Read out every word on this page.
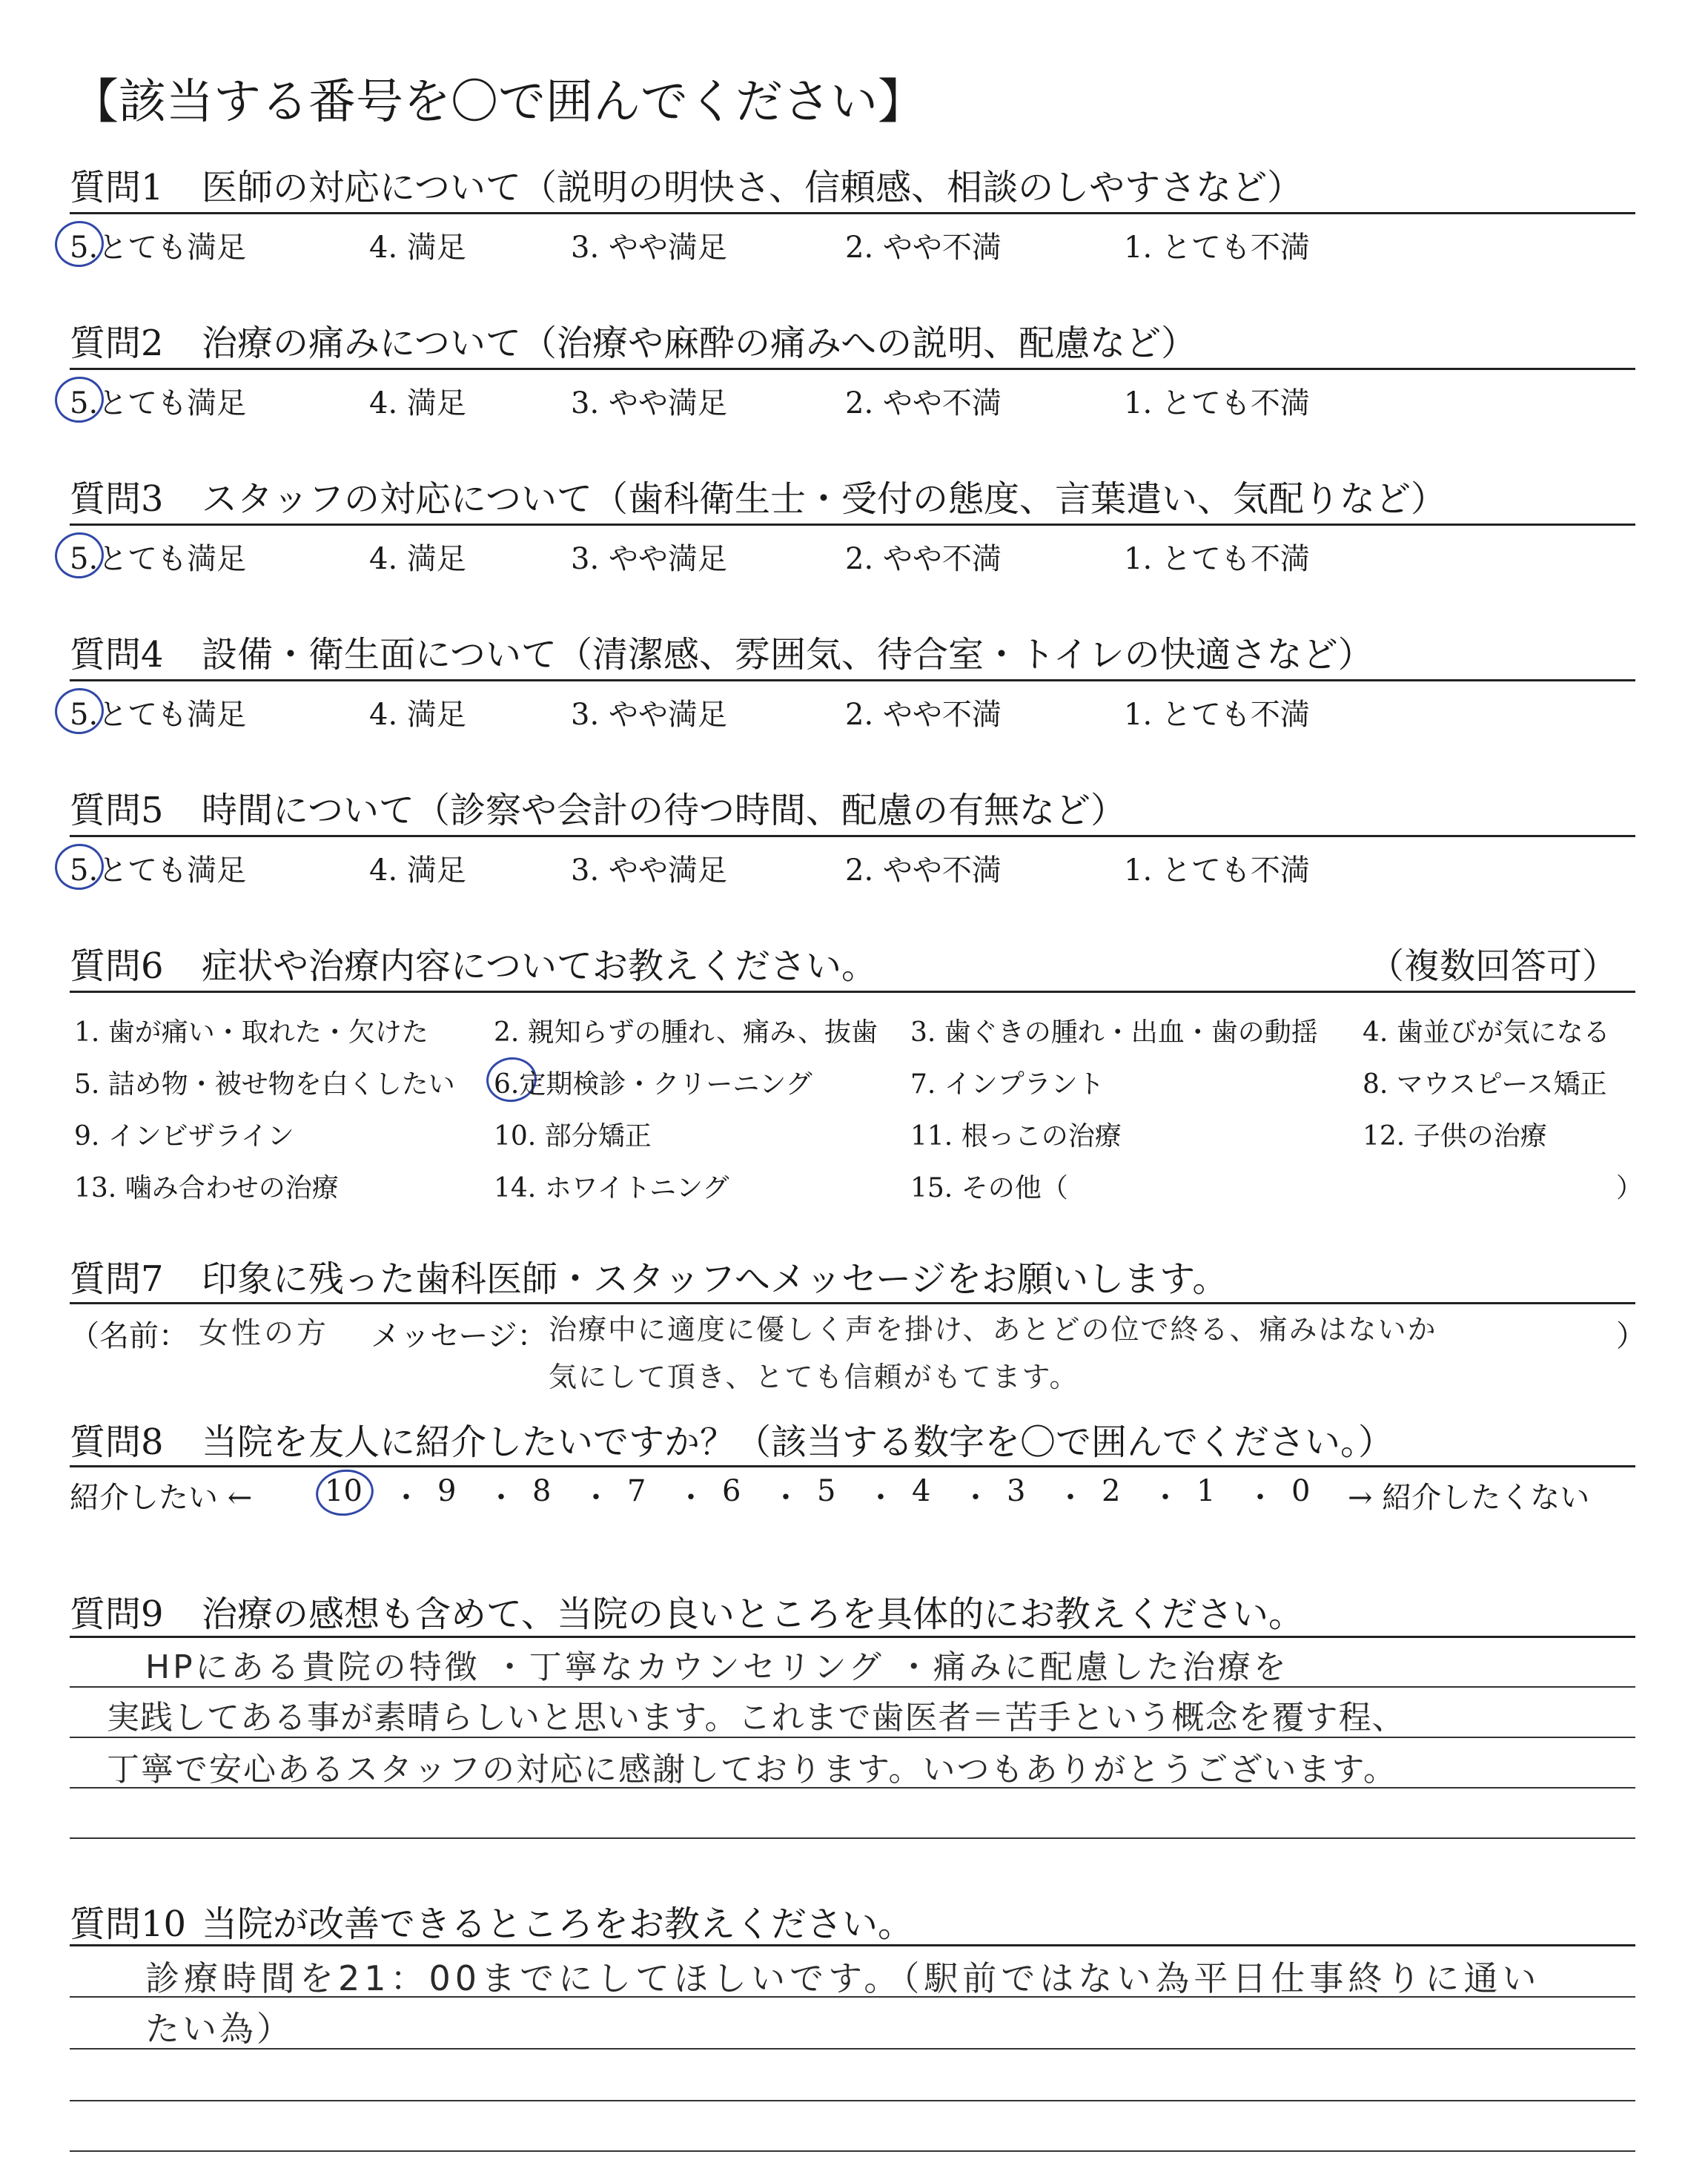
【該当する番号を〇で囲んでください】
質問1 医師の対応について（説明の明快さ、信頼感、相談のしやすさなど）
5.とても満足	4. 満足	3. やや満足	2. やや不満	1. とても不満
質問2 治療の痛みについて（治療や麻酔の痛みへの説明、配慮など）
5.とても満足	4. 満足	3. やや満足	2. やや不満	1. とても不満
質問3 スタッフの対応について（歯科衛生士・受付の態度、言葉遣い、気配りなど）
5.とても満足	4. 満足	3. やや満足	2. やや不満	1. とても不満
質問4 設備・衛生面について（清潔感、雰囲気、待合室・トイレの快適さなど）
5.とても満足	4. 満足	3. やや満足	2. やや不満	1. とても不満
質問5 時間について（診察や会計の待つ時間、配慮の有無など）
5.とても満足	4. 満足	3. やや満足	2. やや不満	1. とても不満
質問6 症状や治療内容についてお教えください。	（複数回答可）
1. 歯が痛い・取れた・欠けた 2. 親知らずの腫れ、痛み、抜歯 3. 歯ぐきの腫れ・出血・歯の動揺 4. 歯並びが気になる
5. 詰め物・被せ物を白くしたい 6.定期検診・クリーニング	7. インプラント	8. マウスピース矯正
9. インビザライン	10. 部分矯正	11. 根っこの治療	12. 子供の治療
13. 噛み合わせの治療	14. ホワイトニング	15. その他（	）
質問7 印象に残った歯科医師・スタッフへメッセージをお願いします。
（名前： 女性の方 メッセージ： 治療中に適度に優しく声を掛け、あとどの位で終る、痛みはないか
気にして頂き、とても信頼がもてます。
）
質問8 当院を友人に紹介したいですか？（該当する数字を〇で囲んでください。）
紹介したい ← 10 ・ 9 ・ 8 ・ 7 ・ 6 ・ 5 ・ 4 ・ 3 ・ 2 ・ 1 ・ 0 → 紹介したくない
質問9 治療の感想も含めて、当院の良いところを具体的にお教えください。
HPにある貴院の特徴 ・丁寧なカウンセリング ・痛みに配慮した治療を
実践してある事が素晴らしいと思います。これまで歯医者＝苦手という概念を覆す程、
丁寧で安心あるスタッフの対応に感謝しております。いつもありがとうございます。
質問10 当院が改善できるところをお教えください。
診療時間を21：00までにしてほしいです。（駅前ではない為平日仕事終りに通い
たい為）
